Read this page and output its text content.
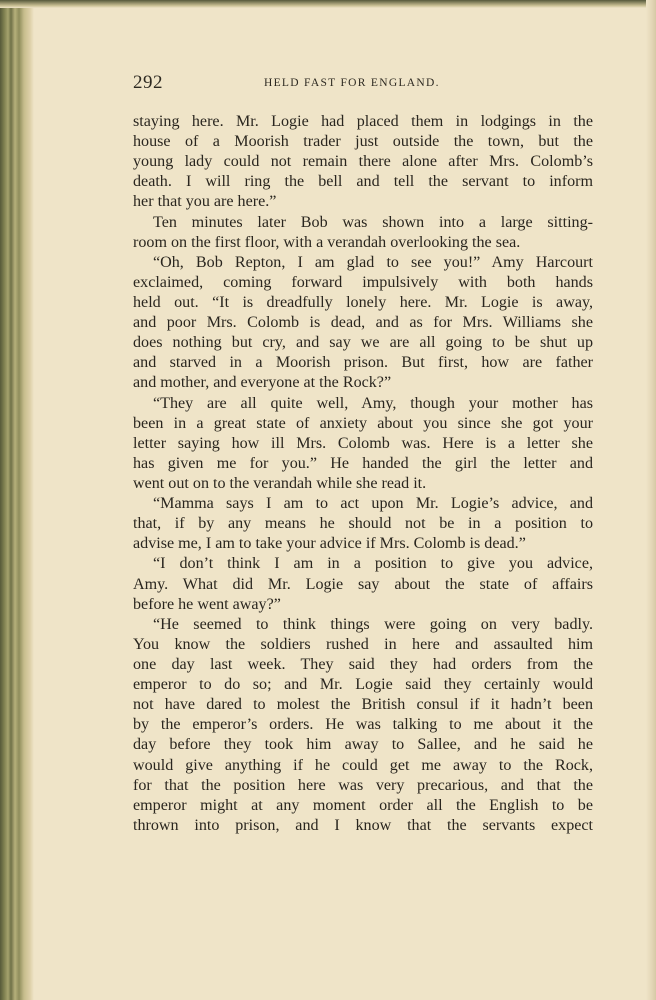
292	HELD FAST FOR ENGLAND.
staying here. Mr. Logie had placed them in lodgings in the
house of a Moorish trader just outside the town, but the
young lady could not remain there alone after Mrs. Colomb’s
death. I will ring the bell and tell the servant to inform
her that you are here.”
Ten minutes later Bob was shown into a large sitting-
room on the first floor, with a verandah overlooking the sea.
“Oh, Bob Repton, I am glad to see you!” Amy Harcourt
exclaimed, coming forward impulsively with both hands
held out. “It is dreadfully lonely here. Mr. Logie is away,
and poor Mrs. Colomb is dead, and as for Mrs. Williams she
does nothing but cry, and say we are all going to be shut up
and starved in a Moorish prison. But first, how are father
and mother, and everyone at the Rock?”
“They are all quite well, Amy, though your mother has
been in a great state of anxiety about you since she got your
letter saying how ill Mrs. Colomb was. Here is a letter she
has given me for you.” He handed the girl the letter and
went out on to the verandah while she read it.
“Mamma says I am to act upon Mr. Logie’s advice, and
that, if by any means he should not be in a position to
advise me, I am to take your advice if Mrs. Colomb is dead.”
“I don’t think I am in a position to give you advice,
Amy. What did Mr. Logie say about the state of affairs
before he went away?”
“He seemed to think things were going on very badly.
You know the soldiers rushed in here and assaulted him
one day last week. They said they had orders from the
emperor to do so; and Mr. Logie said they certainly would
not have dared to molest the British consul if it hadn’t been
by the emperor’s orders. He was talking to me about it the
day before they took him away to Sallee, and he said he
would give anything if he could get me away to the Rock,
for that the position here was very precarious, and that the
emperor might at any moment order all the English to be
thrown into prison, and I know that the servants expect
